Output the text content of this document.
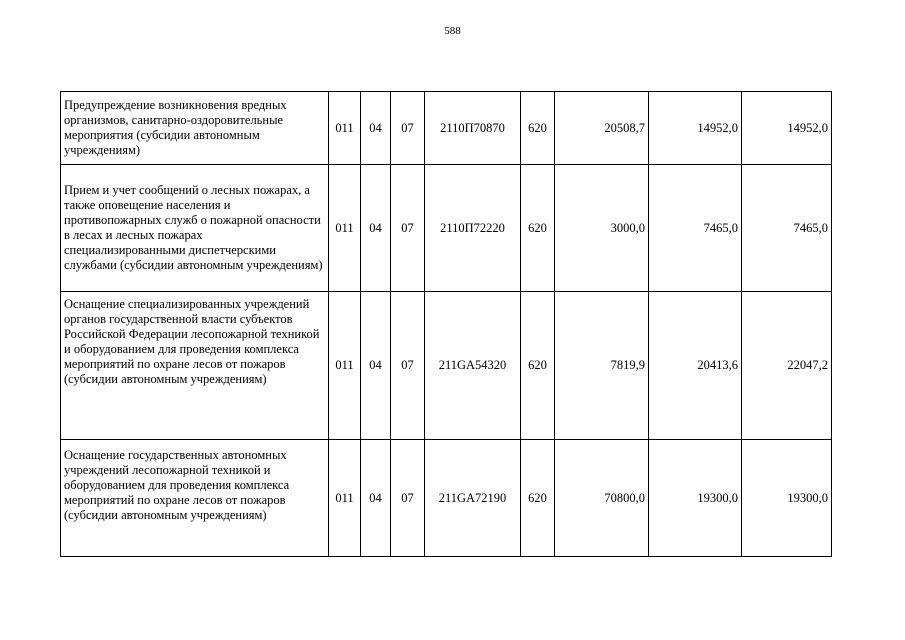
588
Предупреждение возникновения вредных организмов, санитарно-оздоровительные мероприятия (субсидии автономным учреждениям)	011	04	07	2110П70870	620	20508,7	14952,0	14952,0
Прием и учет сообщений о лесных пожарах, а также оповещение населения и противопожарных служб о пожарной опасности в лесах и лесных пожарах специализированными диспетчерскими службами (субсидии автономным учреждениям)	011	04	07	2110П72220	620	3000,0	7465,0	7465,0
Оснащение специализированных учреждений органов государственной власти субъектов Российской Федерации лесопожарной техникой и оборудованием для проведения комплекса мероприятий по охране лесов от пожаров (субсидии автономным учреждениям)	011	04	07	211GA54320	620	7819,9	20413,6	22047,2
Оснащение государственных автономных учреждений лесопожарной техникой и оборудованием для проведения комплекса мероприятий по охране лесов от пожаров (субсидии автономным учреждениям)	011	04	07	211GA72190	620	70800,0	19300,0	19300,0
